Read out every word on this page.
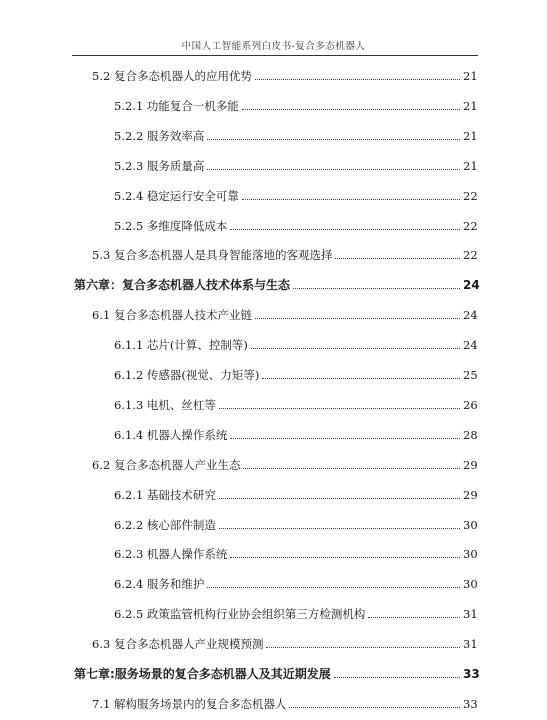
中国人工智能系列白皮书-复合多态机器人
5.2 复合多态机器人的应用优势	21
5.2.1 功能复合一机多能	21
5.2.2 服务效率高	21
5.2.3 服务质量高	21
5.2.4 稳定运行安全可靠	22
5.2.5 多维度降低成本	22
5.3 复合多态机器人是具身智能落地的客观选择	22
第六章：复合多态机器人技术体系与生态	24
6.1 复合多态机器人技术产业链	24
6.1.1 芯片(计算、控制等)	24
6.1.2 传感器(视觉、力矩等)	25
6.1.3 电机、丝杠等	26
6.1.4 机器人操作系统	28
6.2 复合多态机器人产业生态	29
6.2.1 基础技术研究	29
6.2.2 核心部件制造	30
6.2.3 机器人操作系统	30
6.2.4 服务和维护	30
6.2.5 政策监管机构行业协会组织第三方检测机构	31
6.3 复合多态机器人产业规模预测	31
第七章:服务场景的复合多态机器人及其近期发展	33
7.1 解构服务场景内的复合多态机器人	33
